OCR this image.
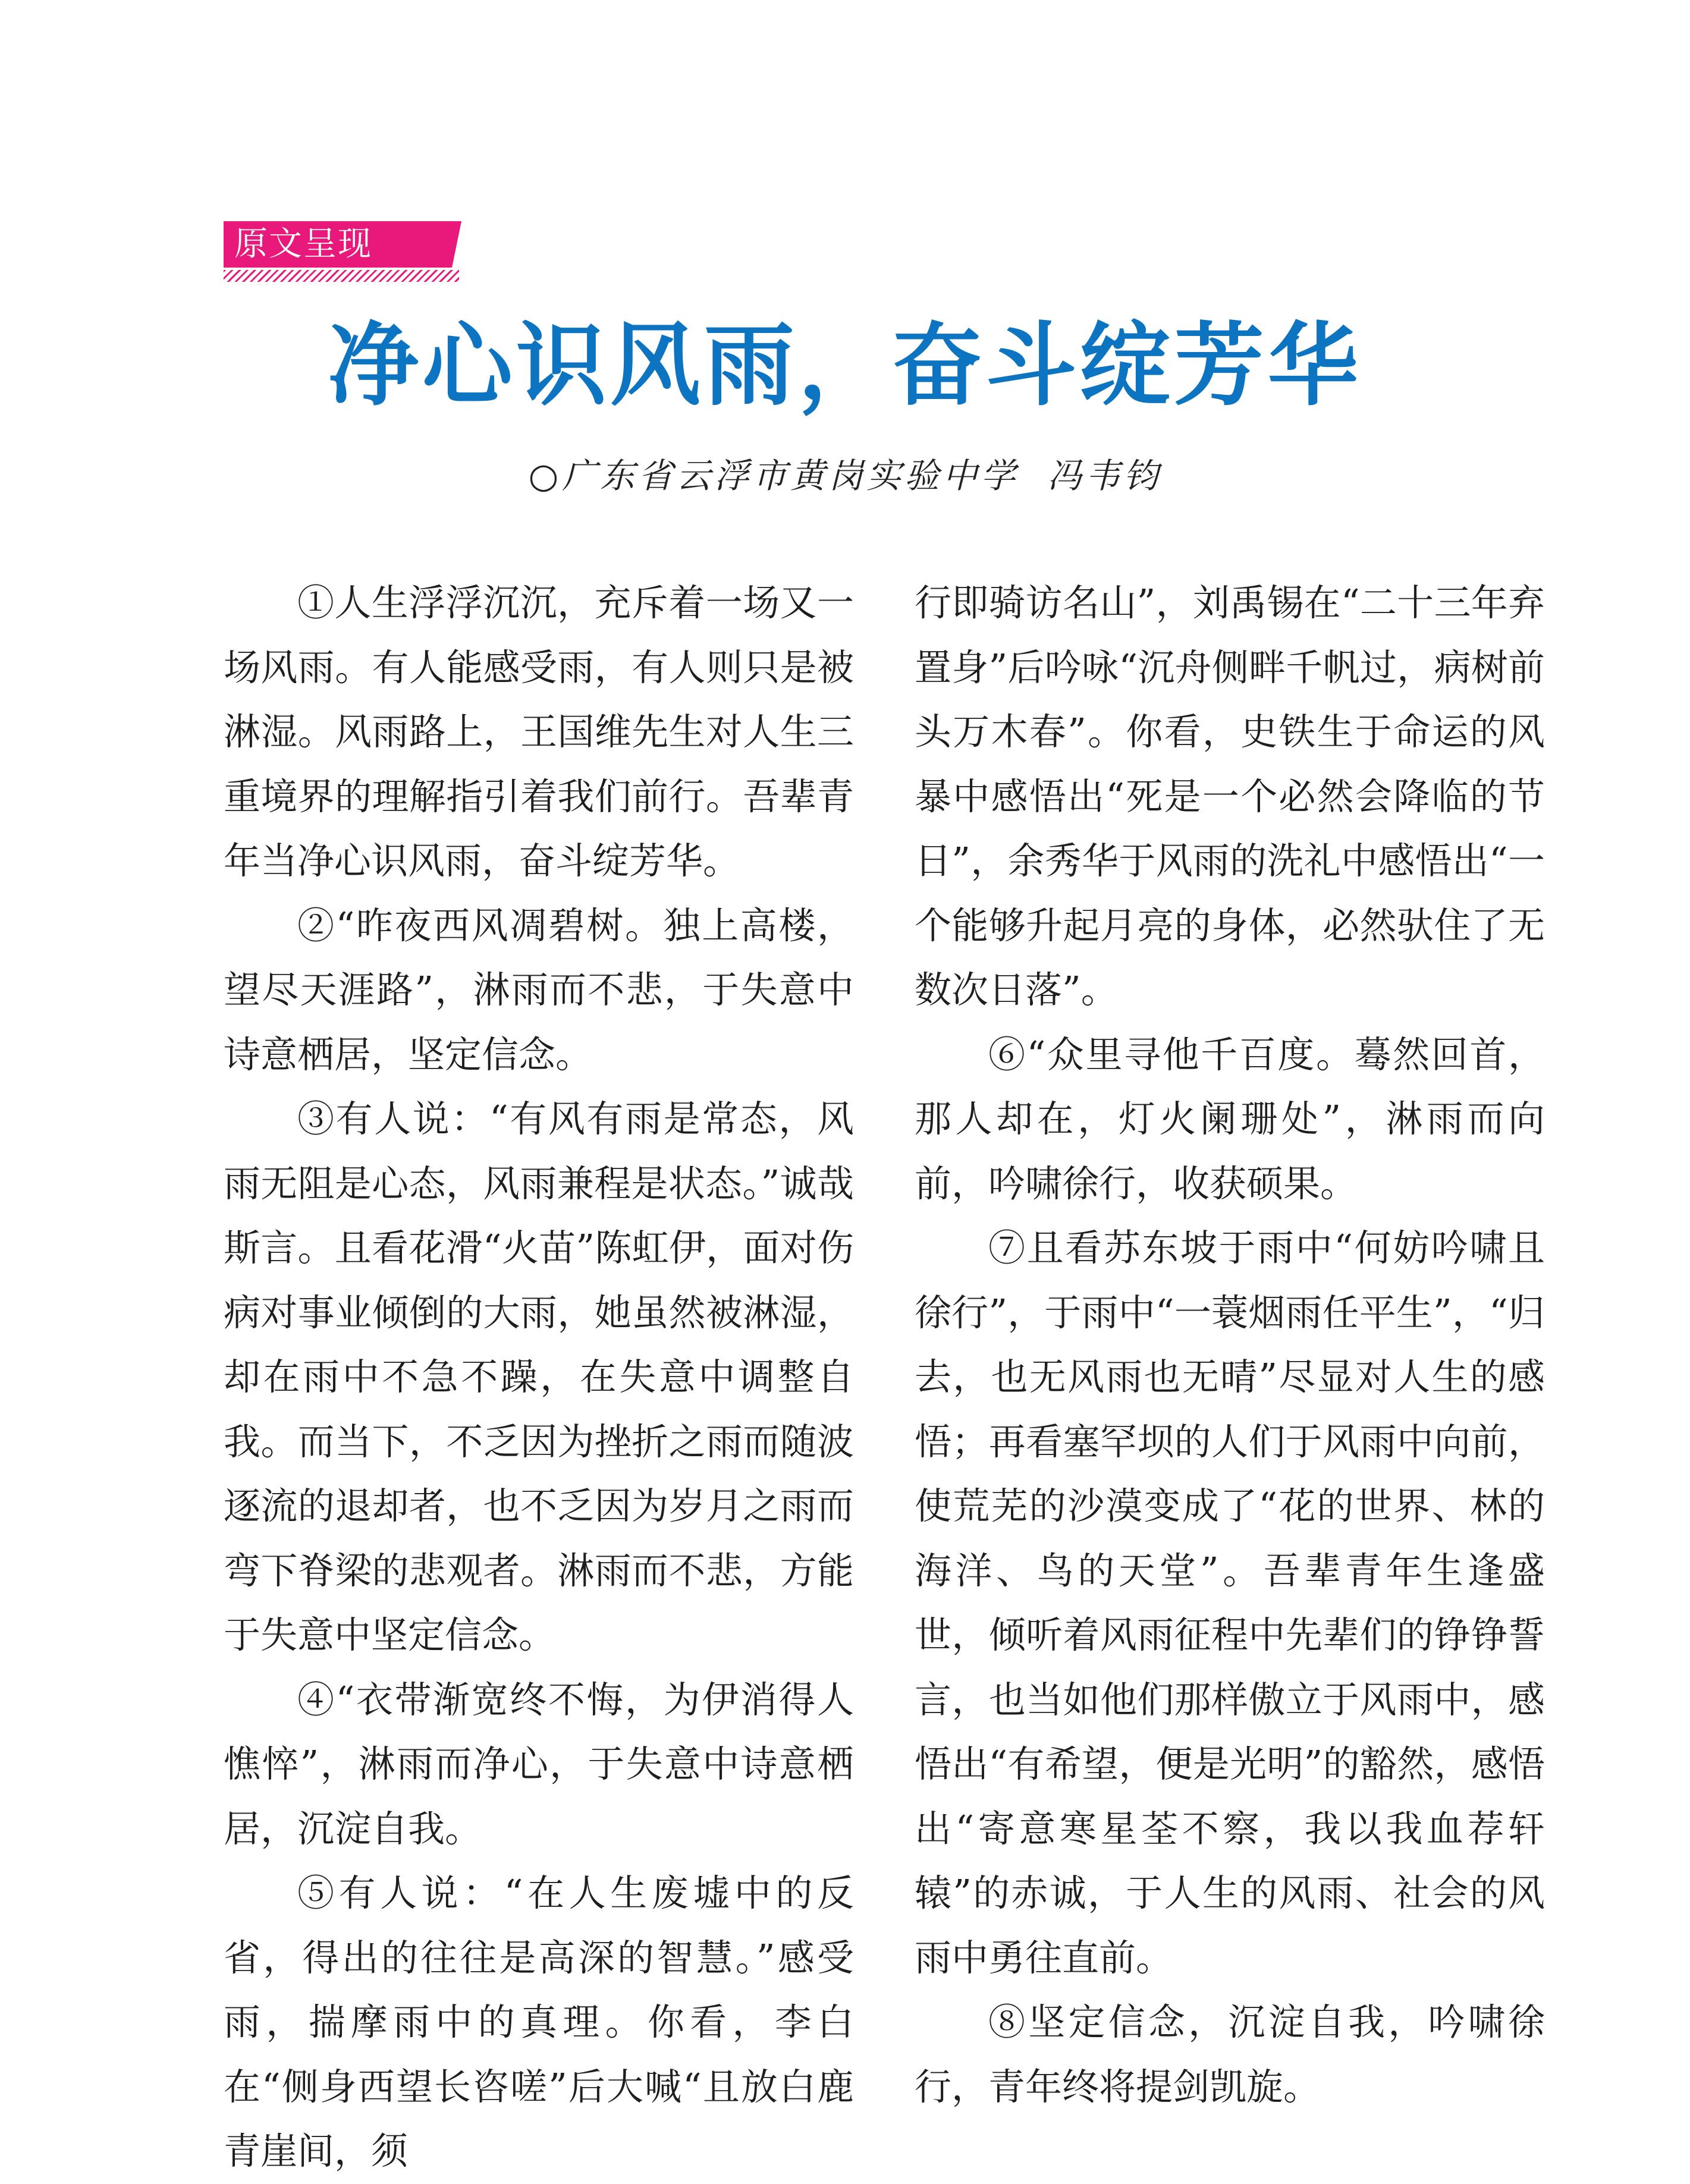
原文呈现
净心识风雨，奋斗绽芳华
○广东省云浮市黄岗实验中学 冯韦钧

①人生浮浮沉沉，充斥着一场又一场风雨。有人能感受雨，有人则只是被淋湿。风雨路上，王国维先生对人生三重境界的理解指引着我们前行。吾辈青年当净心识风雨，奋斗绽芳华。

②“昨夜西风凋碧树。独上高楼，望尽天涯路”，淋雨而不悲，于失意中诗意栖居，坚定信念。

③有人说：“有风有雨是常态，风雨无阻是心态，风雨兼程是状态。”诚哉斯言。且看花滑“火苗”陈虹伊，面对伤病对事业倾倒的大雨，她虽然被淋湿，却在雨中不急不躁，在失意中调整自我。而当下，不乏因为挫折之雨而随波逐流的退却者，也不乏因为岁月之雨而弯下脊梁的悲观者。淋雨而不悲，方能于失意中坚定信念。

④“衣带渐宽终不悔，为伊消得人憔悴”，淋雨而净心，于失意中诗意栖居，沉淀自我。

⑤有人说：“在人生废墟中的反省，得出的往往是高深的智慧。”感受雨，揣摩雨中的真理。你看，李白在“侧身西望长咨嗟”后大喊“且放白鹿青崖间，须

行即骑访名山”，刘禹锡在“二十三年弃置身”后吟咏“沉舟侧畔千帆过，病树前头万木春”。你看，史铁生于命运的风暴中感悟出“死是一个必然会降临的节日”，余秀华于风雨的洗礼中感悟出“一个能够升起月亮的身体，必然驮住了无数次日落”。

⑥“众里寻他千百度。蓦然回首，那人却在，灯火阑珊处”，淋雨而向前，吟啸徐行，收获硕果。

⑦且看苏东坡于雨中“何妨吟啸且徐行”，于雨中“一蓑烟雨任平生”，“归去，也无风雨也无晴”尽显对人生的感悟；再看塞罕坝的人们于风雨中向前，使荒芜的沙漠变成了“花的世界、林的海洋、鸟的天堂”。吾辈青年生逢盛世，倾听着风雨征程中先辈们的铮铮誓言，也当如他们那样傲立于风雨中，感悟出“有希望，便是光明”的豁然，感悟出“寄意寒星荃不察，我以我血荐轩辕”的赤诚，于人生的风雨、社会的风雨中勇往直前。

⑧坚定信念，沉淀自我，吟啸徐行，青年终将提剑凯旋。
